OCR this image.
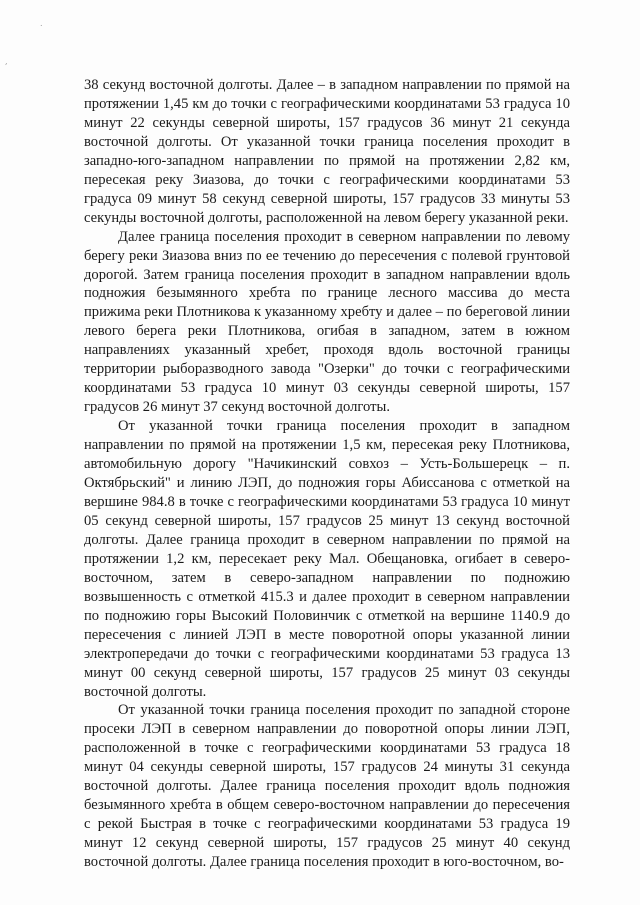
.
,

38 секунд восточной долготы. Далее – в западном направлении по прямой на протяжении 1,45 км до точки с географическими координатами 53 градуса 10 минут 22 секунды северной широты, 157 градусов 36 минут 21 секунда восточной долготы. От указанной точки граница поселения проходит в западно-юго-западном направлении по прямой на протяжении 2,82 км, пересекая реку Зиазова, до точки с географическими координатами 53 градуса 09 минут 58 секунд северной широты, 157 градусов 33 минуты 53 секунды восточной долготы, расположенной на левом берегу указанной реки.

Далее граница поселения проходит в северном направлении по левому берегу реки Зиазова вниз по ее течению до пересечения с полевой грунтовой дорогой. Затем граница поселения проходит в западном направлении вдоль подножия безымянного хребта по границе лесного массива до места прижима реки Плотникова к указанному хребту и далее – по береговой линии левого берега реки Плотникова, огибая в западном, затем в южном направлениях указанный хребет, проходя вдоль восточной границы территории рыборазводного завода "Озерки" до точки с географическими координатами 53 градуса 10 минут 03 секунды северной широты, 157 градусов 26 минут 37 секунд восточной долготы.

От указанной точки граница поселения проходит в западном направлении по прямой на протяжении 1,5 км, пересекая реку Плотникова, автомобильную дорогу "Начикинский совхоз – Усть-Большерецк – п. Октябрьский" и линию ЛЭП, до подножия горы Абиссанова с отметкой на вершине 984.8 в точке с географическими координатами 53 градуса 10 минут 05 секунд северной широты, 157 градусов 25 минут 13 секунд восточной долготы. Далее граница проходит в северном направлении по прямой на протяжении 1,2 км, пересекает реку Мал. Обещановка, огибает в северо-восточном, затем в северо-западном направлении по подножию возвышенность с отметкой 415.3 и далее проходит в северном направлении по подножию горы Высокий Половинчик с отметкой на вершине 1140.9 до пересечения с линией ЛЭП в месте поворотной опоры указанной линии электропередачи до точки с географическими координатами 53 градуса 13 минут 00 секунд северной широты, 157 градусов 25 минут 03 секунды восточной долготы.

От указанной точки граница поселения проходит по западной стороне просеки ЛЭП в северном направлении до поворотной опоры линии ЛЭП, расположенной в точке с географическими координатами 53 градуса 18 минут 04 секунды северной широты, 157 градусов 24 минуты 31 секунда восточной долготы. Далее граница поселения проходит вдоль подножия безымянного хребта в общем северо-восточном направлении до пересечения с рекой Быстрая в точке с географическими координатами 53 градуса 19 минут 12 секунд северной широты, 157 градусов 25 минут 40 секунд восточной долготы. Далее граница поселения проходит в юго-восточном, во-
